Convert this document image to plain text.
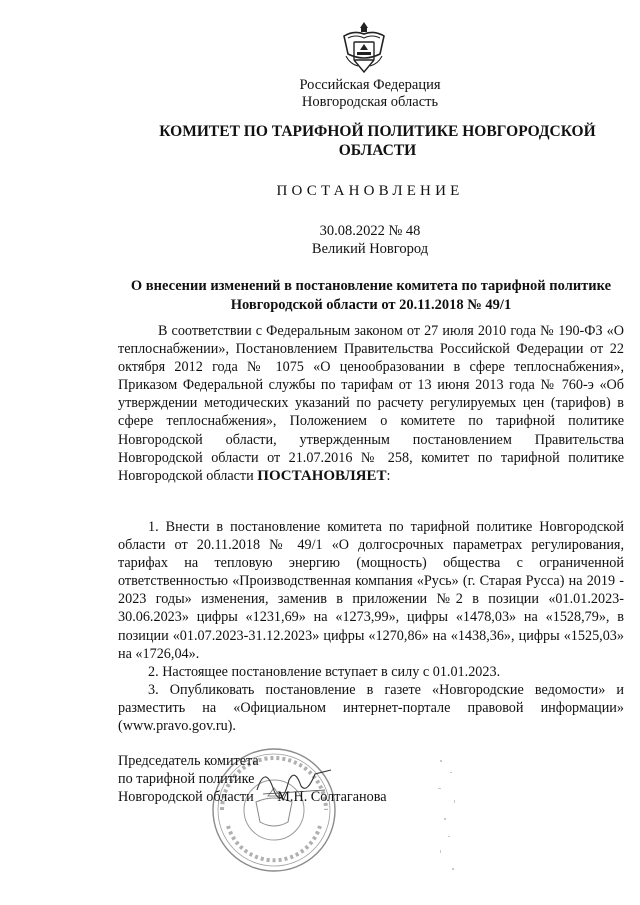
Российская Федерация
Новгородская область
КОМИТЕТ ПО ТАРИФНОЙ ПОЛИТИКЕ НОВГОРОДСКОЙ ОБЛАСТИ
ПОСТАНОВЛЕНИЕ
30.08.2022 № 48
Великий Новгород
О внесении изменений в постановление комитета по тарифной политике Новгородской области от 20.11.2018 № 49/1
В соответствии с Федеральным законом от 27 июля 2010 года № 190-ФЗ «О теплоснабжении», Постановлением Правительства Российской Федерации от 22 октября 2012 года № 1075 «О ценообразовании в сфере теплоснабжения», Приказом Федеральной службы по тарифам от 13 июня 2013 года № 760-э «Об утверждении методических указаний по расчету регулируемых цен (тарифов) в сфере теплоснабжения», Положением о комитете по тарифной политике Новгородской области, утвержденным постановлением Правительства Новгородской области от 21.07.2016 № 258, комитет по тарифной политике Новгородской области ПОСТАНОВЛЯЕТ:

1. Внести в постановление комитета по тарифной политике Новгородской области от 20.11.2018 № 49/1 «О долгосрочных параметрах регулирования, тарифах на тепловую энергию (мощность) общества с ограниченной ответственностью «Производственная компания «Русь» (г. Старая Русса) на 2019 - 2023 годы» изменения, заменив в приложении №2 в позиции «01.01.2023-30.06.2023» цифры «1231,69» на «1273,99», цифры «1478,03» на «1528,79», в позиции «01.07.2023-31.12.2023» цифры «1270,86» на «1438,36», цифры «1525,03» на «1726,04».

2. Настоящее постановление вступает в силу с 01.01.2023.

3. Опубликовать постановление в газете «Новгородские ведомости» и разместить на «Официальном интернет-портале правовой информации» (www.pravo.gov.ru).

Председатель комитета
по тарифной политике
Новгородской области М.Н. Солтаганова
